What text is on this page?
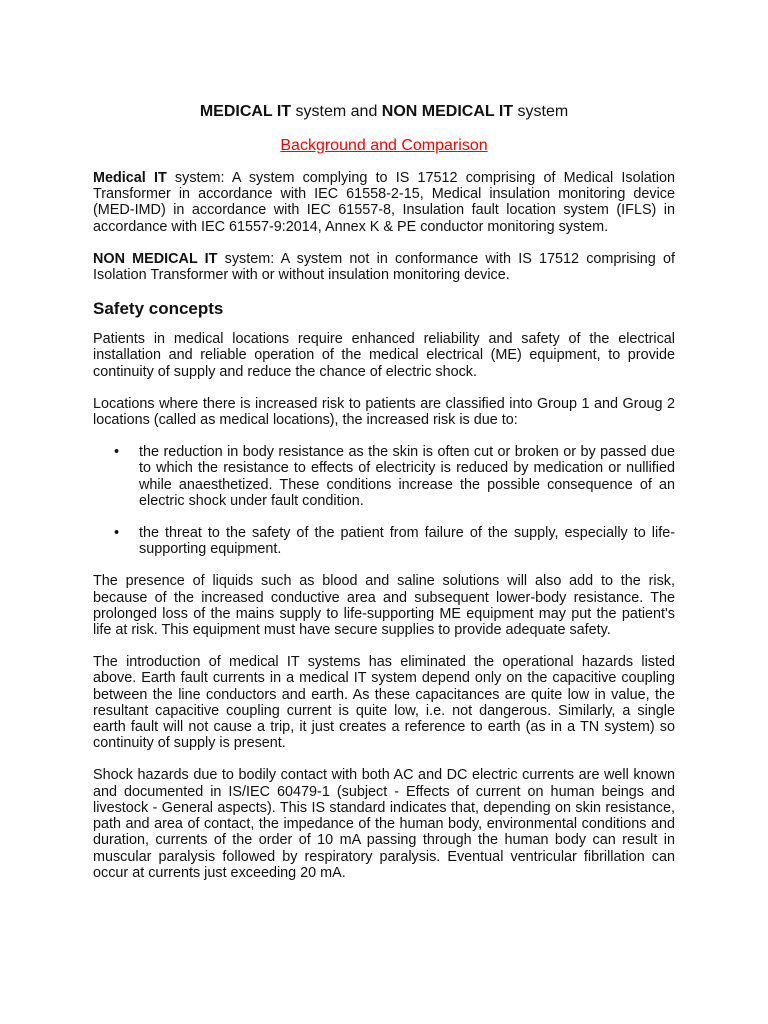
MEDICAL IT system and NON MEDICAL IT system
Background and Comparison

Medical IT system: A system complying to IS 17512 comprising of Medical Isolation Transformer in accordance with IEC 61558-2-15, Medical insulation monitoring device (MED-IMD) in accordance with IEC 61557-8, Insulation fault location system (IFLS) in accordance with IEC 61557-9:2014, Annex K & PE conductor monitoring system.

NON MEDICAL IT system: A system not in conformance with IS 17512 comprising of Isolation Transformer with or without insulation monitoring device.

Safety concepts

Patients in medical locations require enhanced reliability and safety of the electrical installation and reliable operation of the medical electrical (ME) equipment, to provide continuity of supply and reduce the chance of electric shock.

Locations where there is increased risk to patients are classified into Group 1 and Groug 2 locations (called as medical locations), the increased risk is due to:

• the reduction in body resistance as the skin is often cut or broken or by passed due to which the resistance to effects of electricity is reduced by medication or nullified while anaesthetized. These conditions increase the possible consequence of an electric shock under fault condition.
• the threat to the safety of the patient from failure of the supply, especially to life-supporting equipment.

The presence of liquids such as blood and saline solutions will also add to the risk, because of the increased conductive area and subsequent lower-body resistance. The prolonged loss of the mains supply to life-supporting ME equipment may put the patient's life at risk. This equipment must have secure supplies to provide adequate safety.

The introduction of medical IT systems has eliminated the operational hazards listed above. Earth fault currents in a medical IT system depend only on the capacitive coupling between the line conductors and earth. As these capacitances are quite low in value, the resultant capacitive coupling current is quite low, i.e. not dangerous. Similarly, a single earth fault will not cause a trip, it just creates a reference to earth (as in a TN system) so continuity of supply is present.

Shock hazards due to bodily contact with both AC and DC electric currents are well known and documented in IS/IEC 60479-1 (subject - Effects of current on human beings and livestock - General aspects). This IS standard indicates that, depending on skin resistance, path and area of contact, the impedance of the human body, environmental conditions and duration, currents of the order of 10 mA passing through the human body can result in muscular paralysis followed by respiratory paralysis. Eventual ventricular fibrillation can occur at currents just exceeding 20 mA.
